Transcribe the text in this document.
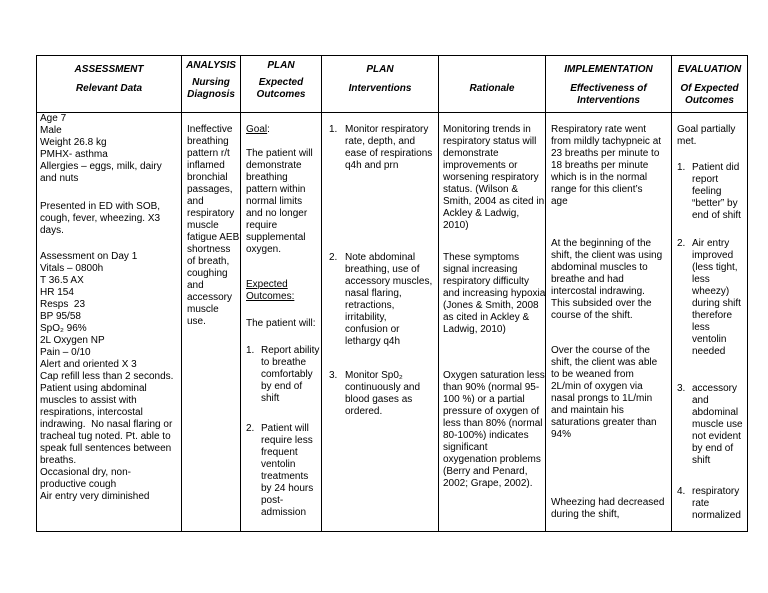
ASSESSMENT
Relevant Data
ANALYSIS
Nursing
Diagnosis
PLAN
Expected
Outcomes
PLAN
Interventions	Rationale
IMPLEMENTATION
Effectiveness of
Interventions
EVALUATION
Of Expected
Outcomes
Age 7
Male
Weight 26.8 kg
PMHX- asthma
Allergies – eggs, milk, dairy
and nuts
Presented in ED with SOB,
cough, fever, wheezing. X3
days.
Assessment on Day 1
Vitals – 0800h
T 36.5 AX
HR 154
Resps  23
BP 95/58
SpO₂ 96%
2L Oxygen NP
Pain – 0/10
Alert and oriented X 3
Cap refill less than 2 seconds.
Patient using abdominal
muscles to assist with
respirations, intercostal
indrawing.  No nasal flaring or
tracheal tug noted. Pt. able to
speak full sentences between
breaths.
Occasional dry, non-
productive cough
Air entry very diminished
Ineffective
breathing
pattern r/t
inflamed
bronchial
passages,
and
respiratory
muscle
fatigue AEB
shortness
of breath,
coughing
and
accessory
muscle
use.
Goal:
The patient will
demonstrate
breathing
pattern within
normal limits
and no longer
require
supplemental
oxygen.
Expected
Outcomes:
The patient will:
1. Report ability
to breathe
comfortably
by end of
shift
2. Patient will
require less
frequent
ventolin
treatments
by 24 hours
post-
admission
1. Monitor respiratory
rate, depth, and
ease of respirations
q4h and prn
2. Note abdominal
breathing, use of
accessory muscles,
nasal flaring,
retractions,
irritability,
confusion or
lethargy q4h
3. Monitor Sp0₂
continuously and
blood gases as
ordered.
Monitoring trends in
respiratory status will
demonstrate
improvements or
worsening respiratory
status. (Wilson &
Smith, 2004 as cited in
Ackley & Ladwig,
2010)
These symptoms
signal increasing
respiratory difficulty
and increasing hypoxia
(Jones & Smith, 2008
as cited in Ackley &
Ladwig, 2010)
Oxygen saturation less
than 90% (normal 95-
100 %) or a partial
pressure of oxygen of
less than 80% (normal
80-100%) indicates
significant
oxygenation problems
(Berry and Penard,
2002; Grape, 2002).
Respiratory rate went
from mildly tachypneic at
23 breaths per minute to
18 breaths per minute
which is in the normal
range for this client’s
age
At the beginning of the
shift, the client was using
abdominal muscles to
breathe and had
intercostal indrawing.
This subsided over the
course of the shift.
Over the course of the
shift, the client was able
to be weaned from
2L/min of oxygen via
nasal prongs to 1L/min
and maintain his
saturations greater than
94%
Wheezing had decreased
during the shift,
Goal partially
met.
1. Patient did
report
feeling
“better” by
end of shift
2. Air entry
improved
(less tight,
less
wheezy)
during shift
therefore
less
ventolin
needed
3. accessory
and
abdominal
muscle use
not evident
by end of
shift
4. respiratory
rate
normalized
